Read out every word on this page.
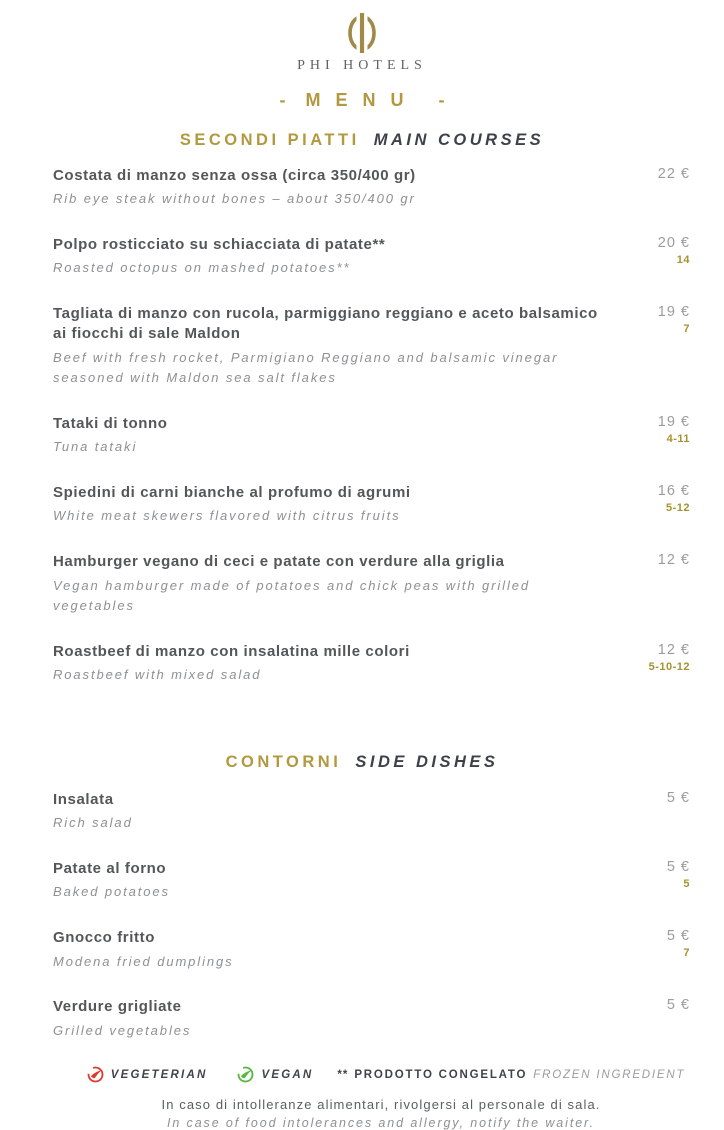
PHI HOTELS
- MENU -
SECONDI PIATTI MAIN COURSES
Costata di manzo senza ossa (circa 350/400 gr)
Rib eye steak without bones – about 350/400 gr
22 €
Polpo rosticciato su schiacciata di patate**
Roasted octopus on mashed potatoes**
20 €
14
Tagliata di manzo con rucola, parmiggiano reggiano e aceto balsamico ai fiocchi di sale Maldon
Beef with fresh rocket, Parmigiano Reggiano and balsamic vinegar seasoned with Maldon sea salt flakes
19 €
7
Tataki di tonno
Tuna tataki
19 €
4-11
Spiedini di carni bianche al profumo di agrumi
White meat skewers flavored with citrus fruits
16 €
5-12
Hamburger vegano di ceci e patate con verdure alla griglia
Vegan hamburger made of potatoes and chick peas with grilled vegetables
12 €
Roastbeef di manzo con insalatina mille colori
Roastbeef with mixed salad
12 €
5-10-12
CONTORNI SIDE DISHES
Insalata
Rich salad
5 €
Patate al forno
Baked potatoes
5 €
5
Gnocco fritto
Modena fried dumplings
5 €
7
Verdure grigliate
Grilled vegetables
5 €
VEGETERIAN	VEGAN ** PRODOTTO CONGELATO FROZEN INGREDIENT
In caso di intolleranze alimentari, rivolgersi al personale di sala.
In case of food intolerances and allergy, notify the waiter.
